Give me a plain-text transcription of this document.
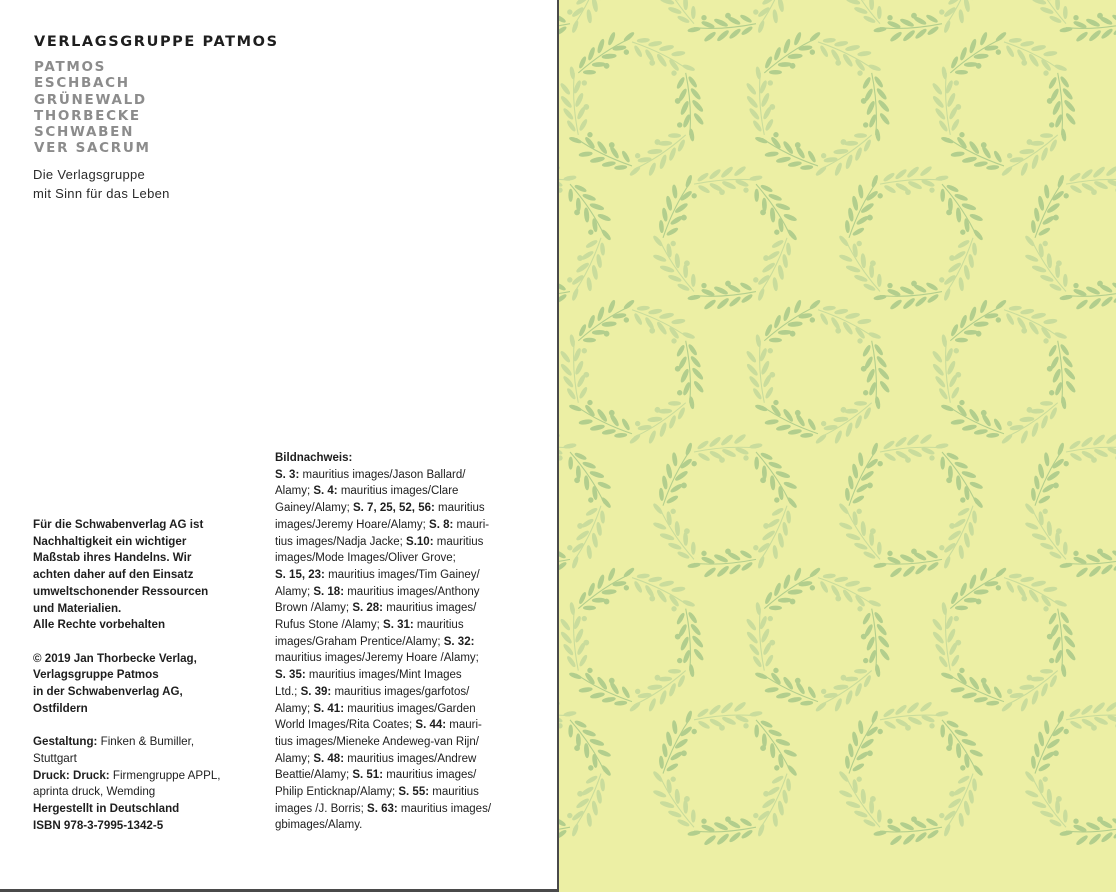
VERLAGSGRUPPE PATMOS
PATMOS
ESCHBACH
GRÜNEWALD
THORBECKE
SCHWABEN
VER SACRUM
Die Verlagsgruppe
mit Sinn für das Leben

Für die Schwabenverlag AG ist

Nachhaltigkeit ein wichtiger

Maßstab ihres Handelns. Wir

achten daher auf den Einsatz

umweltschonender Ressourcen

und Materialien.

Alle Rechte vorbehalten

© 2019 Jan Thorbecke Verlag,

Verlagsgruppe Patmos

in der Schwabenverlag AG,

Ostfildern

Gestaltung: Finken & Bumiller,

Stuttgart

Druck: Druck: Firmengruppe APPL,

aprinta druck, Wemding

Hergestellt in Deutschland

ISBN 978-3-7995-1342-5

Bildnachweis:
S. 3: mauritius images/Jason Ballard/
Alamy; S. 4: mauritius images/Clare
Gainey/Alamy; S. 7, 25, 52, 56: mauritius
images/Jeremy Hoare/Alamy; S. 8: mauri-
tius images/Nadja Jacke; S.10: mauritius
images/Mode Images/Oliver Grove;
S. 15, 23: mauritius images/Tim Gainey/
Alamy; S. 18: mauritius images/Anthony
Brown /Alamy; S. 28: mauritius images/
Rufus Stone /Alamy; S. 31: mauritius
images/Graham Prentice/Alamy; S. 32:
mauritius images/Jeremy Hoare /Alamy;
S. 35: mauritius images/Mint Images
Ltd.; S. 39: mauritius images/garfotos/
Alamy; S. 41: mauritius images/Garden
World Images/Rita Coates; S. 44: mauri-
tius images/Mieneke Andeweg-van Rijn/
Alamy; S. 48: mauritius images/Andrew
Beattie/Alamy; S. 51: mauritius images/
Philip Enticknap/Alamy; S. 55: mauritius
images /J. Borris; S. 63: mauritius images/
gbimages/Alamy.
